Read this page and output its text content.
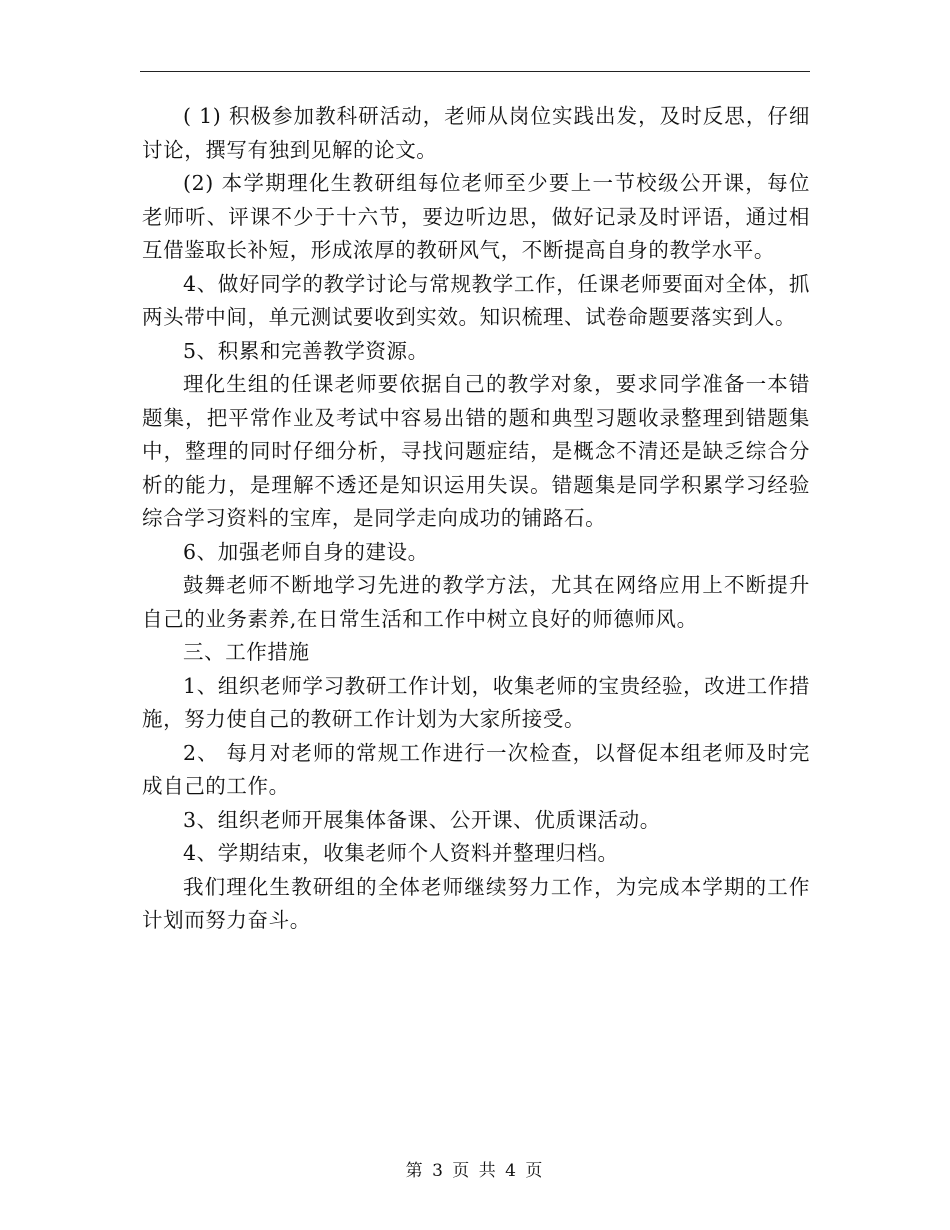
( 1) 积极参加教科研活动，老师从岗位实践出发，及时反思，仔细讨论，撰写有独到见解的论文。

(2) 本学期理化生教研组每位老师至少要上一节校级公开课，每位老师听、评课不少于十六节，要边听边思，做好记录及时评语，通过相互借鉴取长补短，形成浓厚的教研风气，不断提高自身的教学水平。

4、做好同学的教学讨论与常规教学工作，任课老师要面对全体，抓两头带中间，单元测试要收到实效。知识梳理、试卷命题要落实到人。

5、积累和完善教学资源。

理化生组的任课老师要依据自己的教学对象，要求同学准备一本错题集，把平常作业及考试中容易出错的题和典型习题收录整理到错题集中，整理的同时仔细分析，寻找问题症结，是概念不清还是缺乏综合分析的能力，是理解不透还是知识运用失误。错题集是同学积累学习经验综合学习资料的宝库，是同学走向成功的铺路石。

6、加强老师自身的建设。

鼓舞老师不断地学习先进的教学方法，尤其在网络应用上不断提升自己的业务素养,在日常生活和工作中树立良好的师德师风。

三、工作措施

1、组织老师学习教研工作计划，收集老师的宝贵经验，改进工作措施，努力使自己的教研工作计划为大家所接受。

2、 每月对老师的常规工作进行一次检查，以督促本组老师及时完成自己的工作。

3、组织老师开展集体备课、公开课、优质课活动。

4、学期结束，收集老师个人资料并整理归档。

我们理化生教研组的全体老师继续努力工作，为完成本学期的工作计划而努力奋斗。

第 3 页 共 4 页
